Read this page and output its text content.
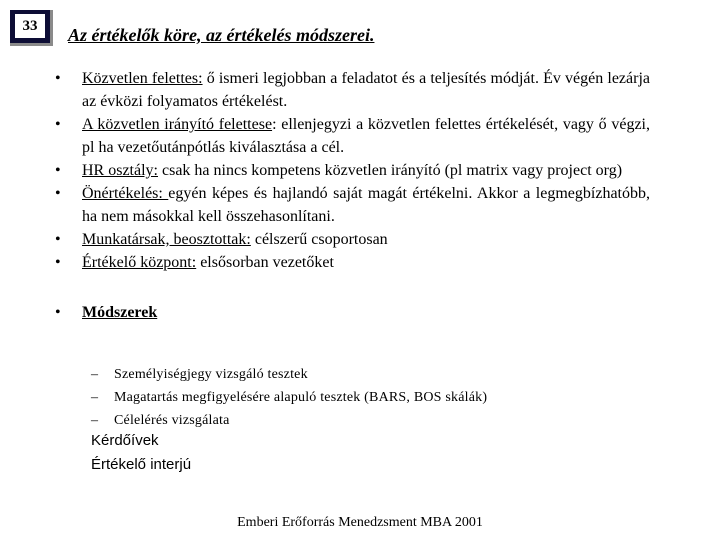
33	Az értékelők köre, az értékelés módszerei.
• Közvetlen felettes: ő ismeri legjobban a feladatot és a teljesítés módját. Év végén lezárja az évközi folyamatos értékelést.
• A közvetlen irányító felettese: ellenjegyzi a közvetlen felettes értékelését, vagy ő végzi, pl ha vezetőutánpótlás kiválasztása a cél.
• HR osztály: csak ha nincs kompetens közvetlen irányító (pl matrix vagy project org)
• Önértékelés: egyén képes és hajlandó saját magát értékelni. Akkor a legmegbízhatóbb, ha nem másokkal kell összehasonlítani.
• Munkatársak, beosztottak: célszerű csoportosan
• Értékelő központ: elsősorban vezetőket
• Módszerek
– Személyiségjegy vizsgáló tesztek
– Magatartás megfigyelésére alapuló tesztek (BARS, BOS skálák)
– Célelérés vizsgálata
Kérdőívek
Értékelő interjú
Emberi Erőforrás Menedzsment MBA 2001
